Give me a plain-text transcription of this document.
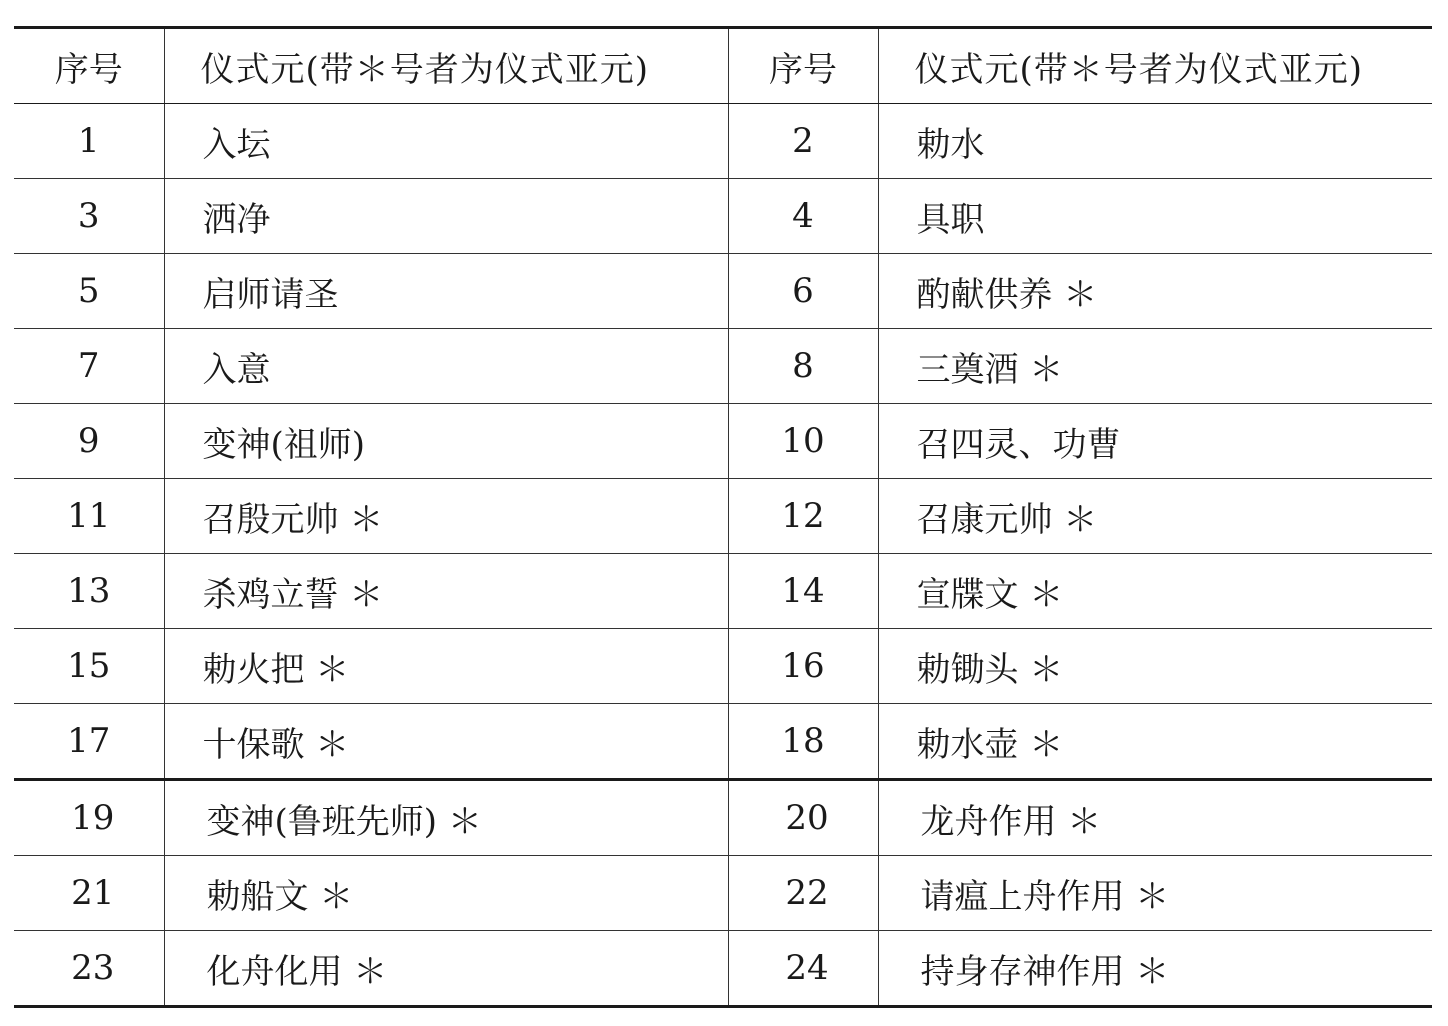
序号	仪式元(带＊号者为仪式亚元)	序号	仪式元(带＊号者为仪式亚元)
1	入坛	2	勅水
3	洒净	4	具职
5	启师请圣	6	酌献供养 ＊
7	入意	8	三奠酒 ＊
9	变神(祖师)	10	召四灵、功曹
11	召殷元帅 ＊	12	召康元帅 ＊
13	杀鸡立誓 ＊	14	宣牒文 ＊
15	勅火把 ＊	16	勅锄头 ＊
17	十保歌 ＊	18	勅水壶 ＊
19	变神(鲁班先师) ＊	20	龙舟作用 ＊
21	勅船文 ＊	22	请瘟上舟作用 ＊
23	化舟化用 ＊	24	持身存神作用 ＊
